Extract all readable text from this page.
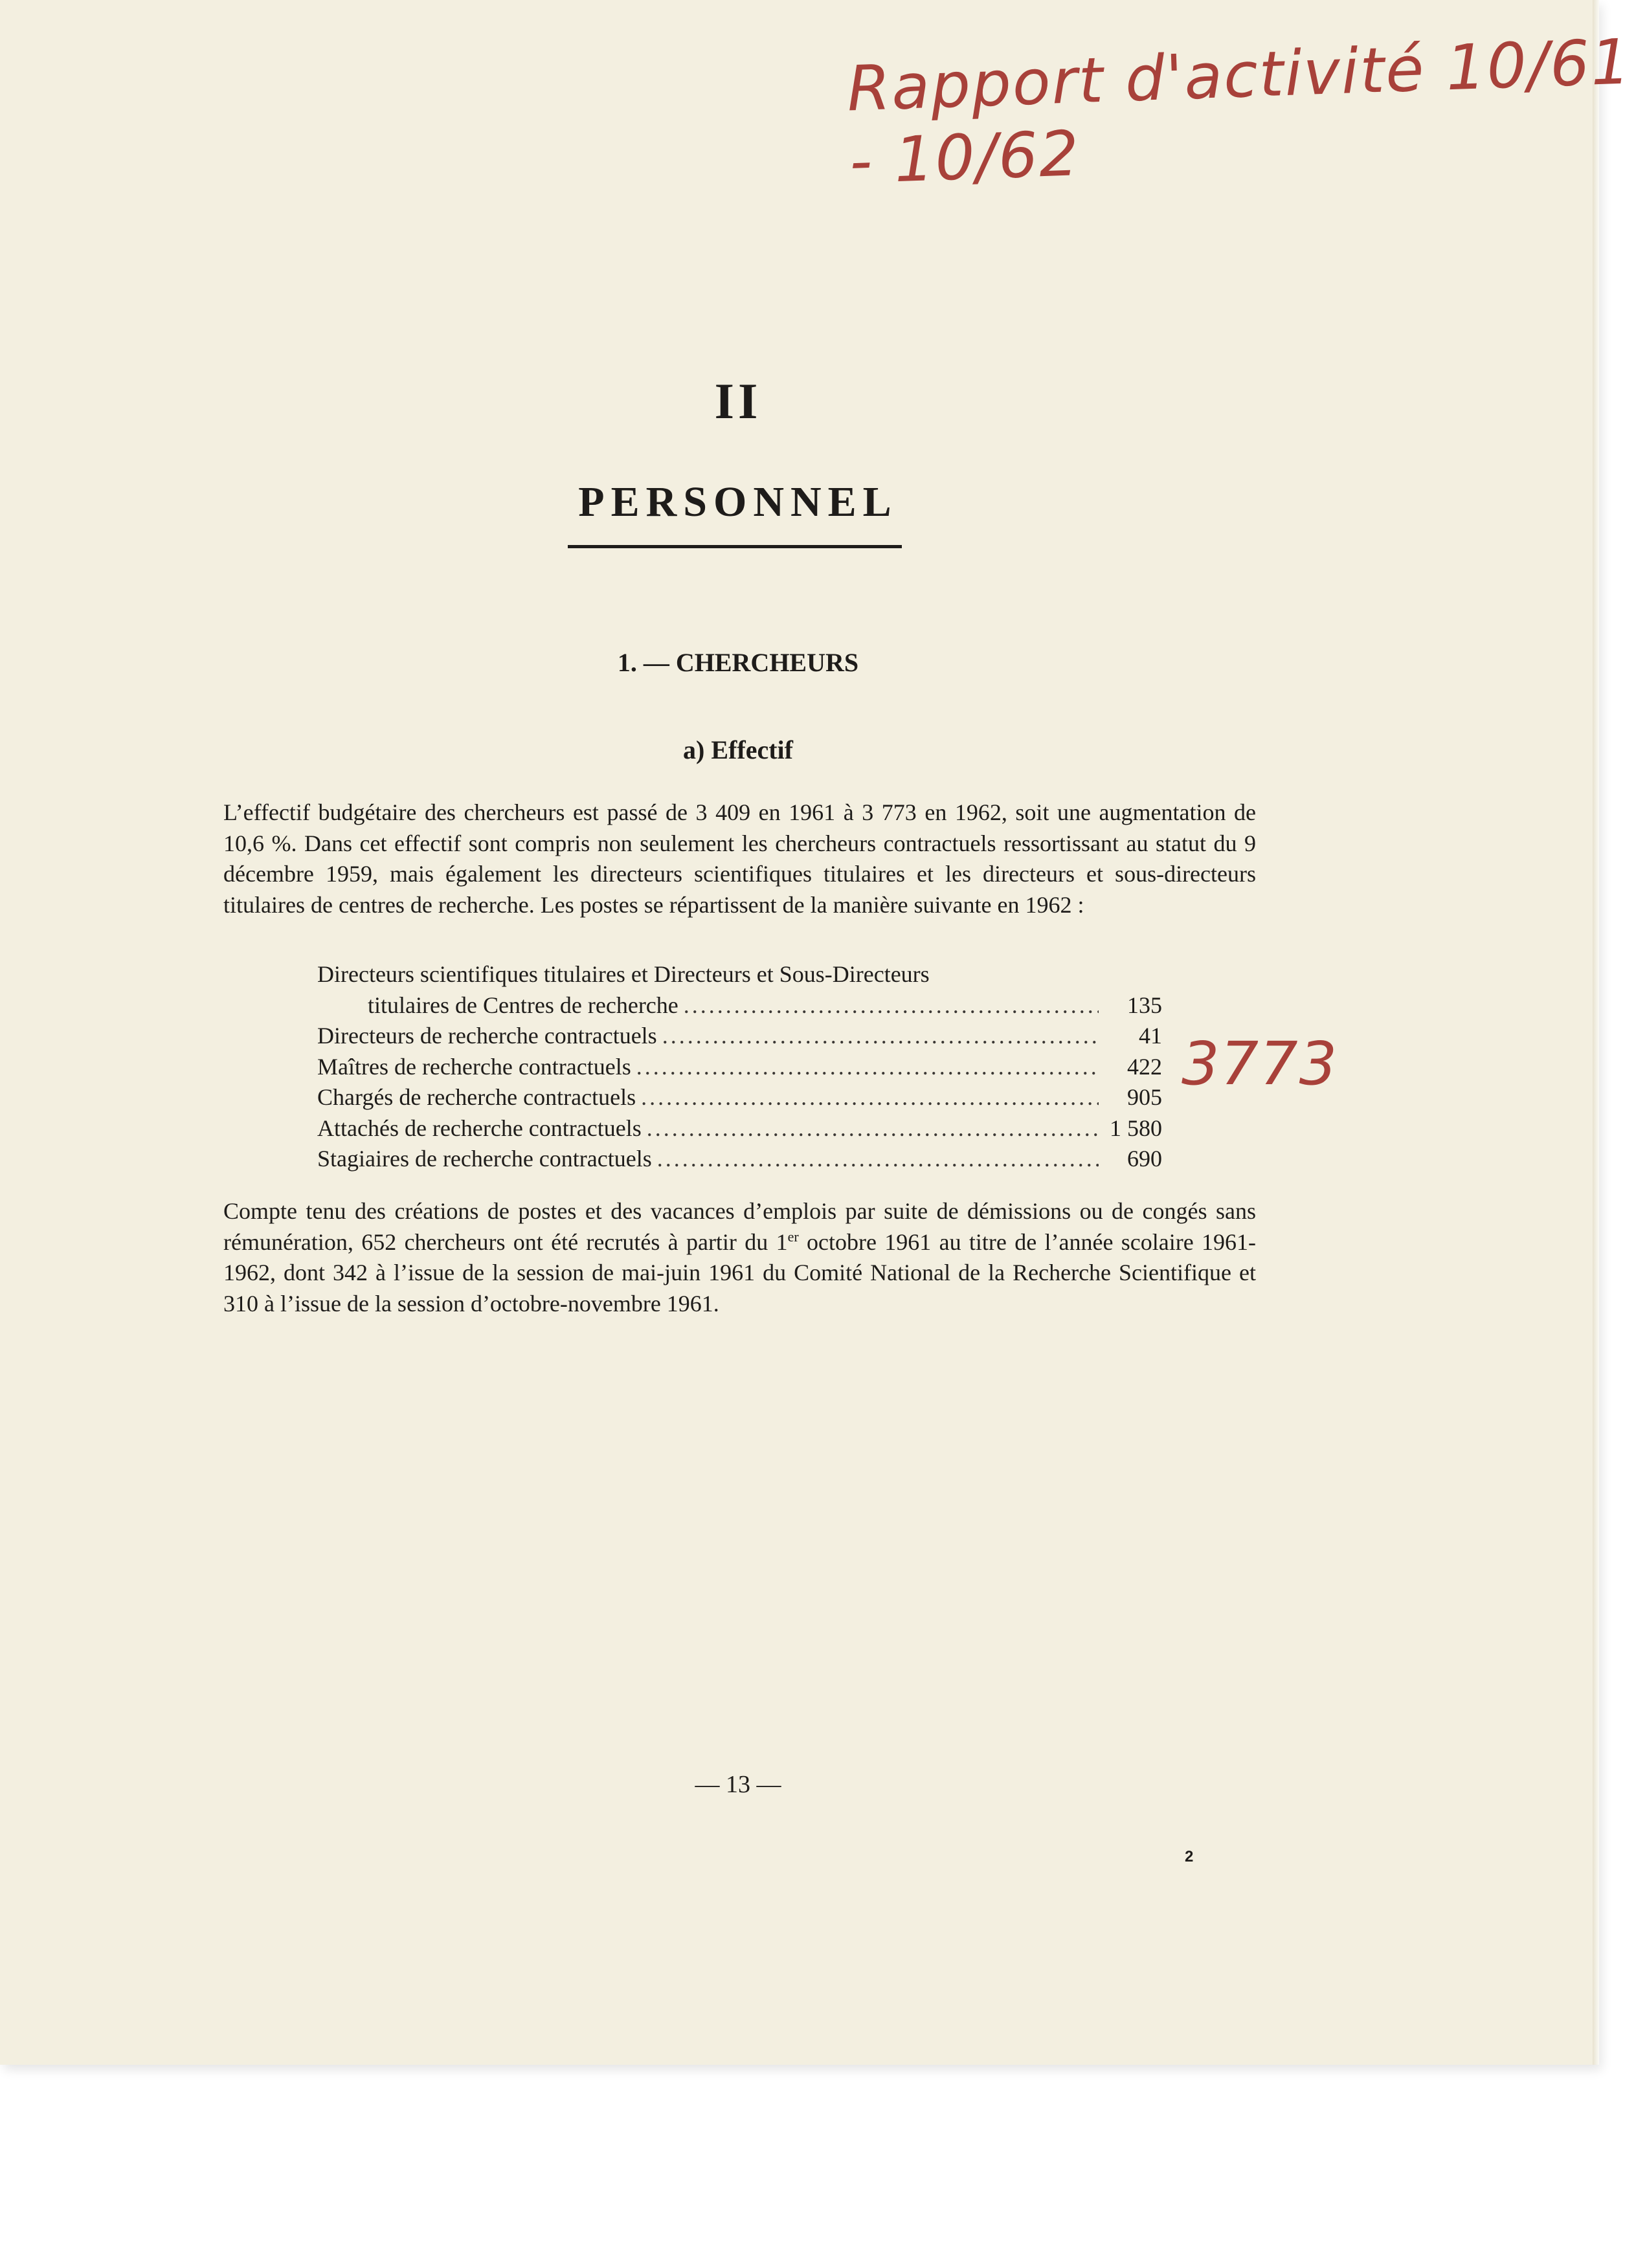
Rapport d'activité 10/61 - 10/62
II
PERSONNEL
1. — CHERCHEURS
a) Effectif

L’effectif budgétaire des chercheurs est passé de 3 409 en 1961 à 3 773 en 1962, soit une augmentation de 10,6 %. Dans cet effectif sont compris non seulement les chercheurs contractuels ressortissant au statut du 9 décembre 1959, mais également les directeurs scientifiques titulaires et les directeurs et sous-directeurs titulaires de centres de recherche. Les postes se répartissent de la manière suivante en 1962 :

Directeurs scientifiques titulaires et Directeurs et Sous-Directeurs
titulaires de Centres de recherche .....	135
Directeurs de recherche contractuels .....	41
Maîtres de recherche contractuels .....	422
Chargés de recherche contractuels .....	905
Attachés de recherche contractuels .....	1 580
Stagiaires de recherche contractuels .....	690
3773

Compte tenu des créations de postes et des vacances d’emplois par suite de démissions ou de congés sans rémunération, 652 chercheurs ont été recrutés à partir du 1er octobre 1961 au titre de l’année scolaire 1961-1962, dont 342 à l’issue de la session de mai-juin 1961 du Comité National de la Recherche Scientifique et 310 à l’issue de la session d’octobre-novembre 1961.

— 13 —
2
